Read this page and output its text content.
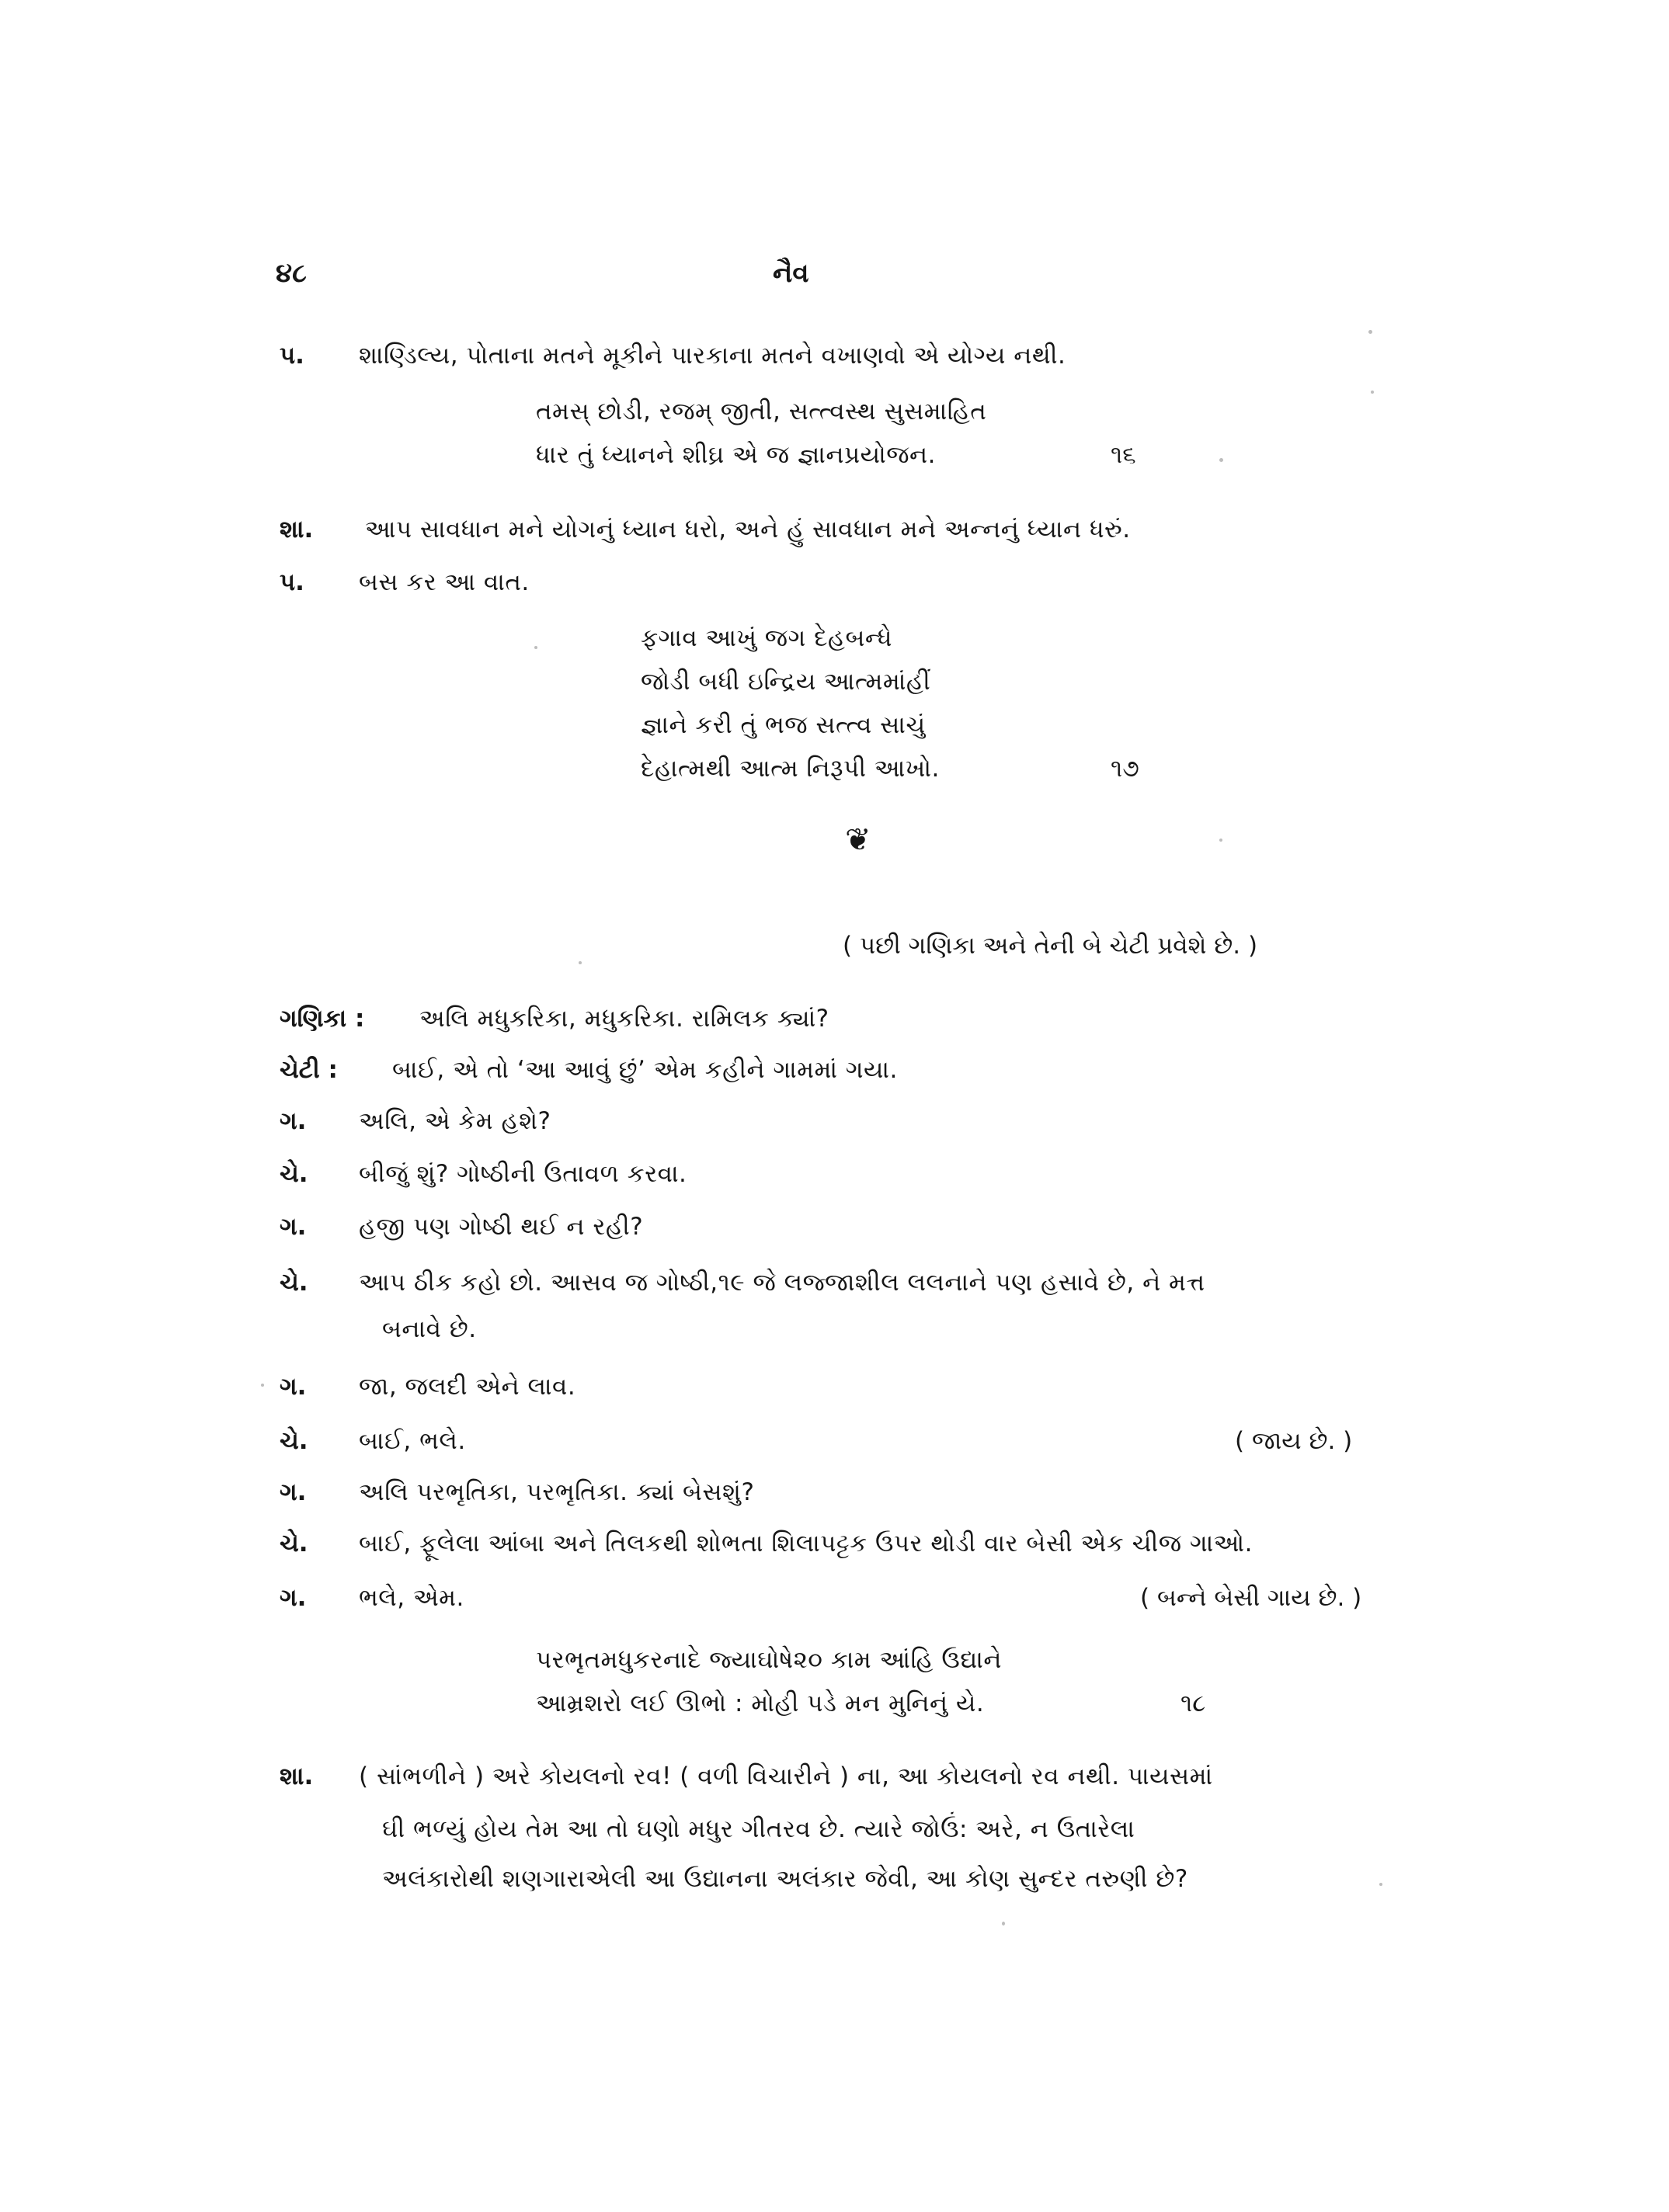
૪૮	નૈવ
પ. શાણ્ડિલ્ય, પોતાના મતને મૂકીને પારકાના મતને વખાણવો એ યોગ્ય નથી.
તમસ્ છોડી, રજમ્ જીતી, સત્ત્વસ્થ સુસમાહિત
ધાર તું ધ્યાનને શીઘ્ર એ જ જ્ઞાનપ્રયોજન.	૧૬
શા. આપ સાવધાન મને યોગનું ધ્યાન ધરો, અને હું સાવધાન મને અન્નનું ધ્યાન ધરું.
પ. બસ કર આ વાત.
ફગાવ આખું જગ દેહબન્ધે
જોડી બધી ઇન્દ્રિય આત્મમાંહીં
જ્ઞાને કરી તું ભજ સત્ત્વ સાચું
દેહાત્મથી આત્મ નિરૂપી આખો.	૧૭
❦
( પછી ગણિકા અને તેની બે ચેટી પ્રવેશે છે. )
ગણિકા : અલિ મધુકરિકા, મધુકરિકા. રામિલક ક્યાં?
ચેટી : બાઈ, એ તો ‘આ આવું છું’ એમ કહીને ગામમાં ગયા.
ગ. અલિ, એ કેમ હશે?
ચે. બીજું શું? ગોષ્ઠીની ઉતાવળ કરવા.
ગ. હજી પણ ગોષ્ઠી થઈ ન રહી?
ચે. આપ ઠીક કહો છો. આસવ જ ગોષ્ઠી,૧૯ જે લજ્જાશીલ લલનાને પણ હસાવે છે, ને મત્ત
બનાવે છે.
ગ. જા, જલદી એને લાવ.
ચે. બાઈ, ભલે.	( જાય છે. )
ગ. અલિ પરભૃતિકા, પરભૃતિકા. ક્યાં બેસશું?
ચે. બાઈ, ફૂલેલા આંબા અને તિલકથી શોભતા શિલાપટ્ટક ઉપર થોડી વાર બેસી એક ચીજ ગાઓ.
ગ. ભલે, એમ.	( બન્ને બેસી ગાય છે. )
પરભૃતમધુકરનાદે જ્યાઘોષે૨૦ કામ આંહિ ઉદ્યાને
આમ્રશરો લઈ ઊભો : મોહી પડે મન મુનિનું યે.	૧૮
શા. ( સાંભળીને ) અરે કોયલનો રવ! ( વળી વિચારીને ) ના, આ કોયલનો રવ નથી. પાયસમાં
ઘી ભળ્યું હોય તેમ આ તો ઘણો મધુર ગીતરવ છે. ત્યારે જોઉં: અરે, ન ઉતારેલા
અલંકારોથી શણગારાએલી આ ઉદ્યાનના અલંકાર જેવી, આ કોણ સુન્દર તરુણી છે?
